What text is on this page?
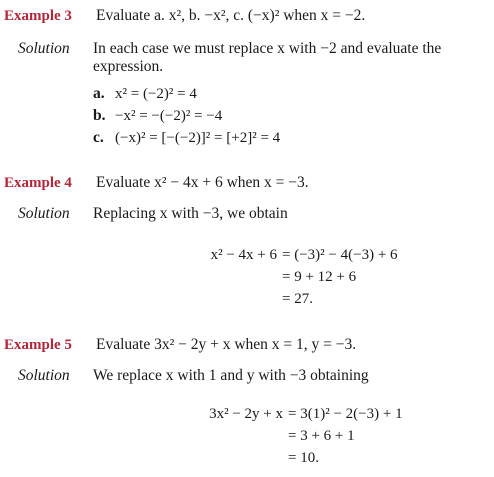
Example 3 Evaluate a. x², b. −x², c. (−x)² when x = −2.
Solution In each case we must replace x with −2 and evaluate the
expression.
a. x² = (−2)² = 4
b. −x² = −(−2)² = −4
c. (−x)² = [−(−2)]² = [+2]² = 4
Example 4 Evaluate x² − 4x + 6 when x = −3.
Solution Replacing x with −3, we obtain
x² − 4x + 6 = (−3)² − 4(−3) + 6
= 9 + 12 + 6
= 27.
Example 5 Evaluate 3x² − 2y + x when x = 1, y = −3.
Solution We replace x with 1 and y with −3 obtaining
3x² − 2y + x = 3(1)² − 2(−3) + 1
= 3 + 6 + 1
= 10.
